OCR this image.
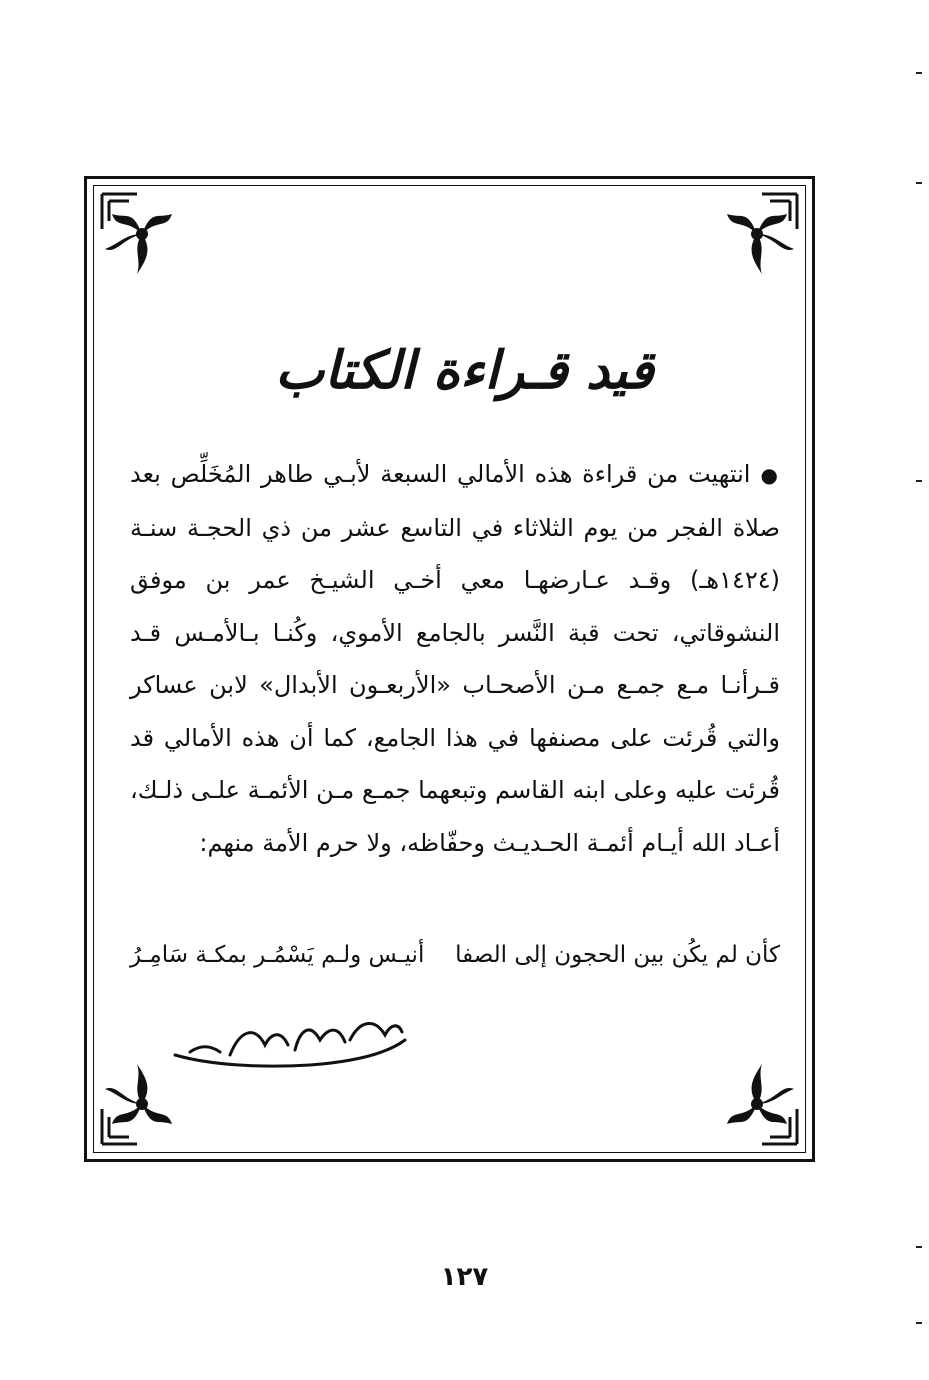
قيد قـراءة الكتاب

●انتهيت من قراءة هذه الأمالي السبعة لأبـي طاهر المُخَلِّص بعد صلاة الفجر من يوم الثلاثاء في التاسع عشر من ذي الحجـة سنـة (١٤٢٤هـ) وقـد عـارضهـا معي أخـي الشيـخ عمر بن موفق النشوقاتي، تحت قبة النَّسر بالجامع الأموي، وكُنـا بـالأمـس قـد قـرأنـا مـع جمـع مـن الأصحـاب «الأربعـون الأبدال» لابن عساكر والتي قُرئت على مصنفها في هذا الجامع، كما أن هذه الأمالي قد قُرئت عليه وعلى ابنه القاسم وتبعهما جمـع مـن الأئمـة علـى ذلـك، أعـاد الله أيـام أئمـة الحـديـث وحفّاظه، ولا حرم الأمة منهم:

كأن لم يكُن بين الحجون إلى الصفا
أنيـس ولـم يَسْمُـر بمكـة سَامِـرُ
١٢٧
